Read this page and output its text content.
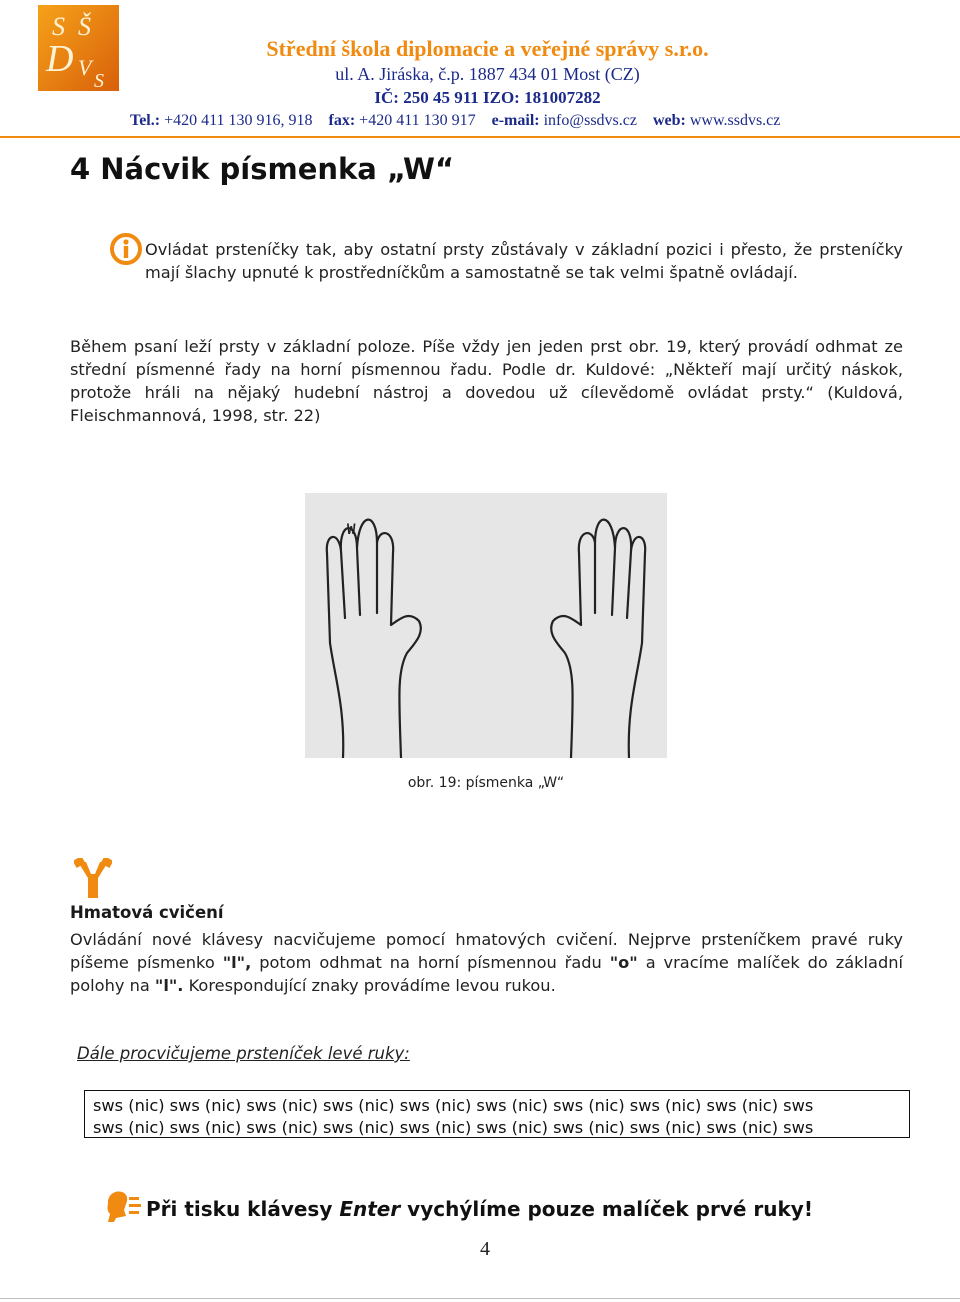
S Š
D V
S
Střední škola diplomacie a veřejné správy s.r.o.
ul. A. Jiráska, č.p. 1887 434 01 Most (CZ)
IČ: 250 45 911 IZO: 181007282
Tel.: +420 411 130 916, 918 fax: +420 411 130 917 e-mail: info@ssdvs.cz web: www.ssdvs.cz
4 Nácvik písmenka „W“
Ovládat prsteníčky tak, aby ostatní prsty zůstávaly v základní pozici i přesto, že prsteníčky mají šlachy upnuté k prostředníčkům a samostatně se tak velmi špatně ovládají.
Během psaní leží prsty v základní poloze. Píše vždy jen jeden prst obr. 19, který provádí odhmat ze střední písmenné řady na horní písmennou řadu. Podle dr. Kuldové: „Někteří mají určitý náskok, protože hráli na nějaký hudební nástroj a dovedou už cílevědomě ovládat prsty.“ (Kuldová, Fleischmannová, 1998, str. 22)
W
obr. 19: písmenka „W“
Hmatová cvičení
Ovládání nové klávesy nacvičujeme pomocí hmatových cvičení. Nejprve prsteníčkem pravé ruky píšeme písmenko "l", potom odhmat na horní písmennou řadu "o" a vracíme malíček do základní polohy na "l". Korespondující znaky provádíme levou rukou.
Dále procvičujeme prsteníček levé ruky:
sws (nic) sws (nic) sws (nic) sws (nic) sws (nic) sws (nic) sws (nic) sws (nic) sws (nic) sws
sws (nic) sws (nic) sws (nic) sws (nic) sws (nic) sws (nic) sws (nic) sws (nic) sws (nic) sws
Při tisku klávesy Enter vychýlíme pouze malíček prvé ruky!
4
